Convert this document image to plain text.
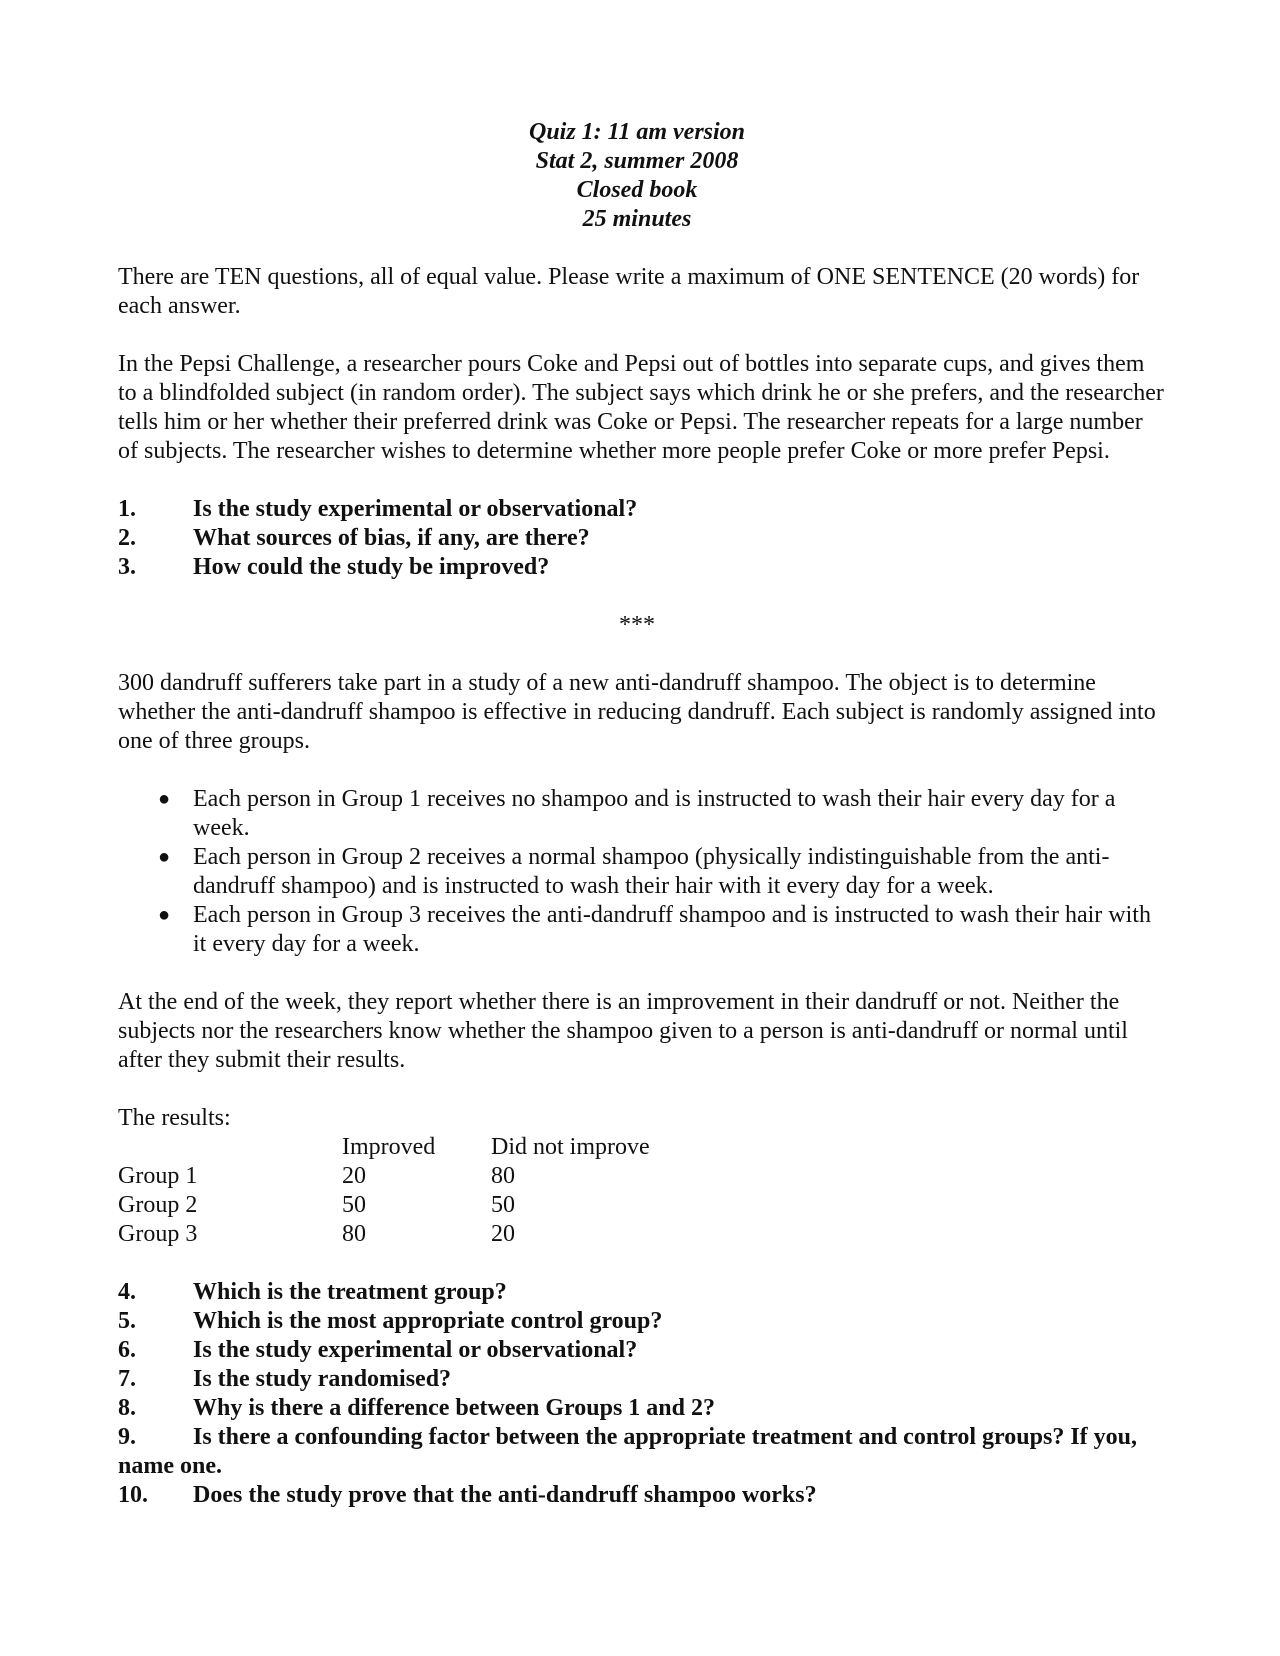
Quiz 1: 11 am version
Stat 2, summer 2008
Closed book
25 minutes

There are TEN questions, all of equal value. Please write a maximum of ONE SENTENCE (20 words) for each answer.

In the Pepsi Challenge, a researcher pours Coke and Pepsi out of bottles into separate cups, and gives them to a blindfolded subject (in random order). The subject says which drink he or she prefers, and the researcher tells him or her whether their preferred drink was Coke or Pepsi. The researcher repeats for a large number of subjects. The researcher wishes to determine whether more people prefer Coke or more prefer Pepsi.

1.	Is the study experimental or observational?
2.	What sources of bias, if any, are there?
3.	How could the study be improved?
***

300 dandruff sufferers take part in a study of a new anti-dandruff shampoo. The object is to determine whether the anti-dandruff shampoo is effective in reducing dandruff. Each subject is randomly assigned into one of three groups.

● Each person in Group 1 receives no shampoo and is instructed to wash their hair every day for a week.
● Each person in Group 2 receives a normal shampoo (physically indistinguishable from the anti-dandruff shampoo) and is instructed to wash their hair with it every day for a week.
● Each person in Group 3 receives the anti-dandruff shampoo and is instructed to wash their hair with it every day for a week.

At the end of the week, they report whether there is an improvement in their dandruff or not. Neither the subjects nor the researchers know whether the shampoo given to a person is anti-dandruff or normal until after they submit their results.

The results:
	Improved	Did not improve
Group 1	20	80
Group 2	50	50
Group 3	80	20
4.	Which is the treatment group?
5.	Which is the most appropriate control group?
6.	Is the study experimental or observational?
7.	Is the study randomised?
8.	Why is there a difference between Groups 1 and 2?
9. Is there a confounding factor between the appropriate treatment and control groups? If you, name one.
10.	Does the study prove that the anti-dandruff shampoo works?
